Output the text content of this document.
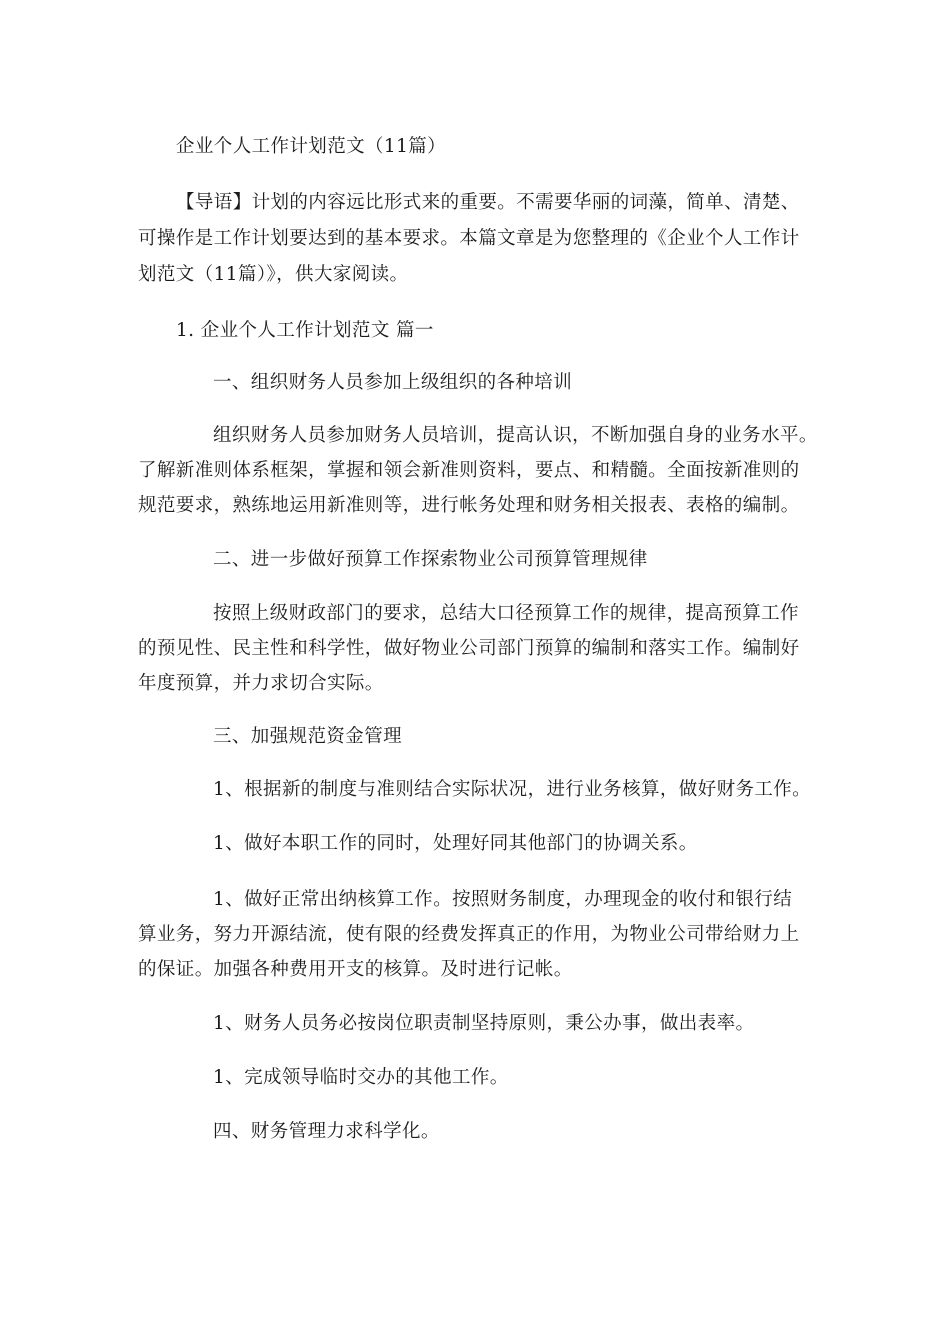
企业个人工作计划范文（11篇）
【导语】计划的内容远比形式来的重要。不需要华丽的词藻，简单、清楚、
可操作是工作计划要达到的基本要求。本篇文章是为您整理的《企业个人工作计
划范文（11篇）》，供大家阅读。
1. 企业个人工作计划范文 篇一
一、组织财务人员参加上级组织的各种培训
组织财务人员参加财务人员培训，提高认识，不断加强自身的业务水平。
了解新准则体系框架，掌握和领会新准则资料，要点、和精髓。全面按新准则的
规范要求，熟练地运用新准则等，进行帐务处理和财务相关报表、表格的编制。
二、进一步做好预算工作探索物业公司预算管理规律
按照上级财政部门的要求，总结大口径预算工作的规律，提高预算工作
的预见性、民主性和科学性，做好物业公司部门预算的编制和落实工作。编制好
年度预算，并力求切合实际。
三、加强规范资金管理
1、根据新的制度与准则结合实际状况，进行业务核算，做好财务工作。
1、做好本职工作的同时，处理好同其他部门的协调关系。
1、做好正常出纳核算工作。按照财务制度，办理现金的收付和银行结
算业务，努力开源结流，使有限的经费发挥真正的作用，为物业公司带给财力上
的保证。加强各种费用开支的核算。及时进行记帐。
1、财务人员务必按岗位职责制坚持原则，秉公办事，做出表率。
1、完成领导临时交办的其他工作。
四、财务管理力求科学化。
